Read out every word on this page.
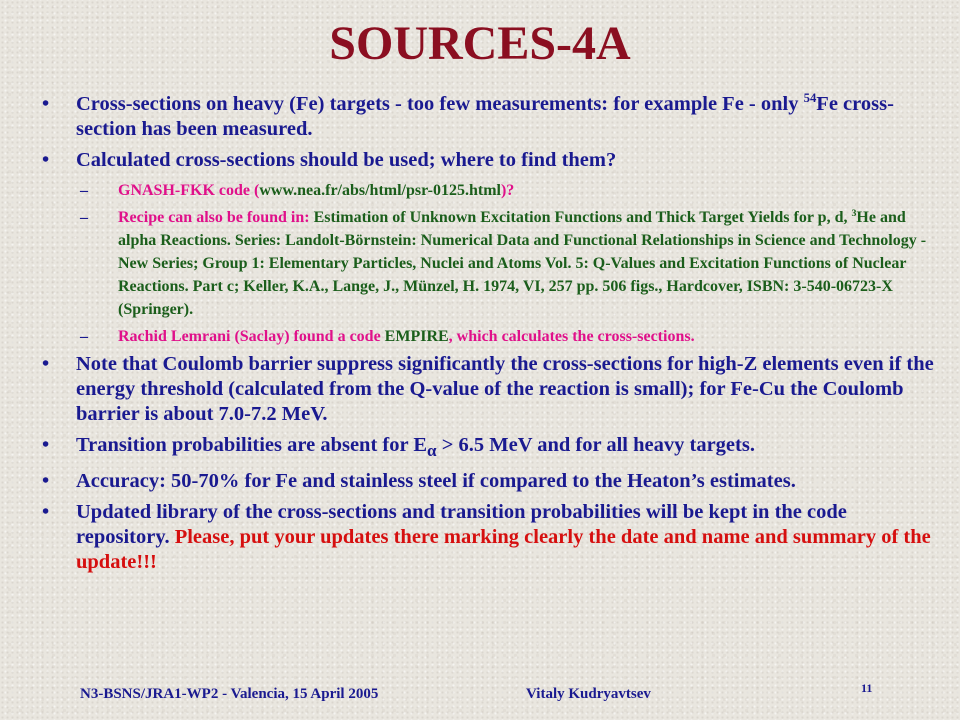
SOURCES-4A
• Cross-sections on heavy (Fe) targets - too few measurements: for example Fe - only $^{54}$Fe cross-section has been measured.
• Calculated cross-sections should be used; where to find them?
– GNASH-FKK code (www.nea.fr/abs/html/psr-0125.html)?
– Recipe can also be found in: Estimation of Unknown Excitation Functions and Thick Target Yields for p, d, $^3$He and alpha Reactions. Series: Landolt-Börnstein: Numerical Data and Functional Relationships in Science and Technology - New Series; Group 1: Elementary Particles, Nuclei and Atoms Vol. 5: Q-Values and Excitation Functions of Nuclear Reactions. Part c; Keller, K.A., Lange, J., Münzel, H. 1974, VI, 257 pp. 506 figs., Hardcover, ISBN: 3-540-06723-X (Springer).
– Rachid Lemrani (Saclay) found a code EMPIRE, which calculates the cross-sections.
• Note that Coulomb barrier suppress significantly the cross-sections for high-Z elements even if the energy threshold (calculated from the Q-value of the reaction is small); for Fe-Cu the Coulomb barrier is about 7.0-7.2 MeV.
• Transition probabilities are absent for $E_\alpha > 6.5$ MeV and for all heavy targets.
• Accuracy: 50-70% for Fe and stainless steel if compared to the Heaton’s estimates.
• Updated library of the cross-sections and transition probabilities will be kept in the code repository. Please, put your updates there marking clearly the date and name and summary of the update!!!
N3-BSNS/JRA1-WP2 - Valencia, 15 April 2005	Vitaly Kudryavtsev	11
